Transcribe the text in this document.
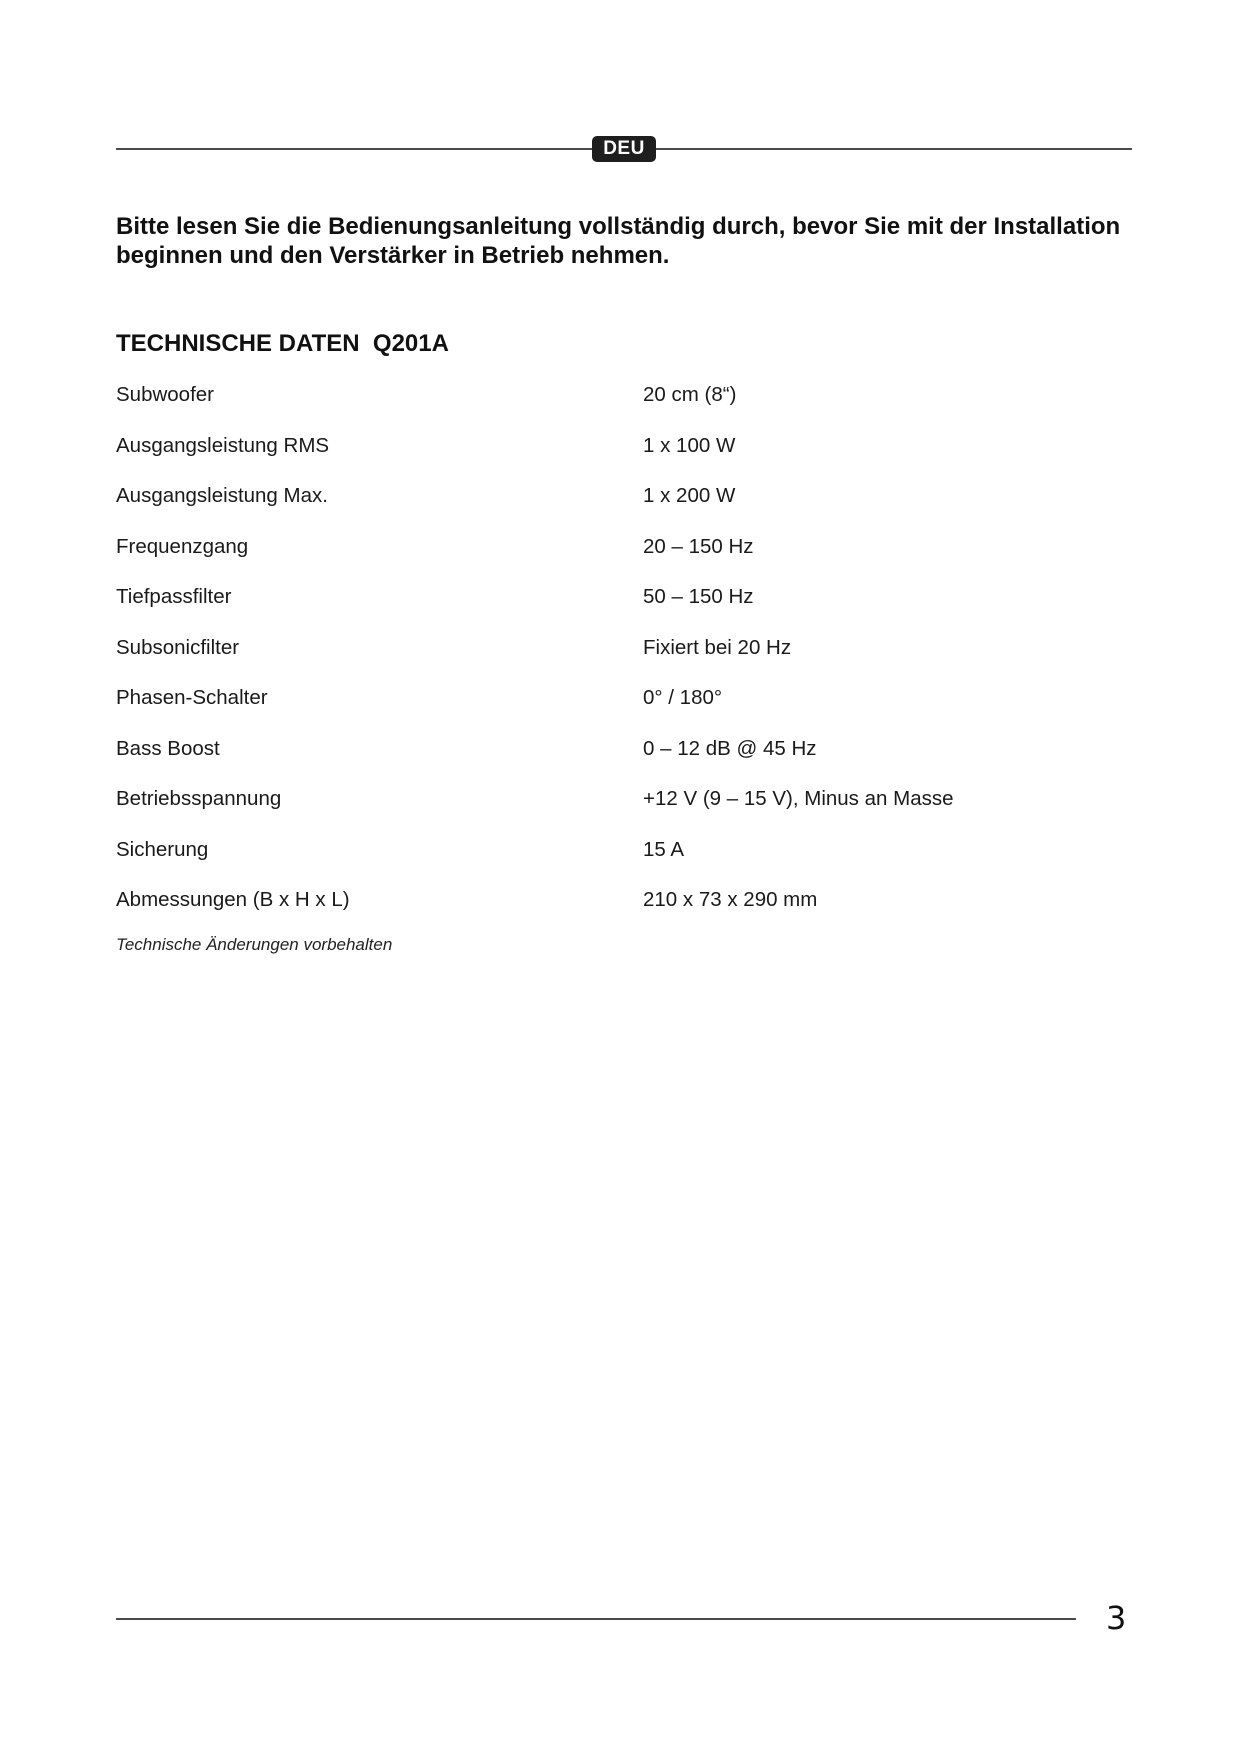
DEU

Bitte lesen Sie die Bedienungsanleitung vollständig durch, bevor Sie mit der Installation beginnen und den Verstärker in Betrieb nehmen.

TECHNISCHE DATEN  Q201A
Subwoofer	20 cm (8“)
Ausgangsleistung RMS	1 x 100 W
Ausgangsleistung Max.	1 x 200 W
Frequenzgang	20 – 150 Hz
Tiefpassfilter	50 – 150 Hz
Subsonicfilter	Fixiert bei 20 Hz
Phasen-Schalter	0° / 180°
Bass Boost	0 – 12 dB @ 45 Hz
Betriebsspannung	+12 V (9 – 15 V), Minus an Masse
Sicherung	15 A
Abmessungen (B x H x L)	210 x 73 x 290 mm
Technische Änderungen vorbehalten
3
